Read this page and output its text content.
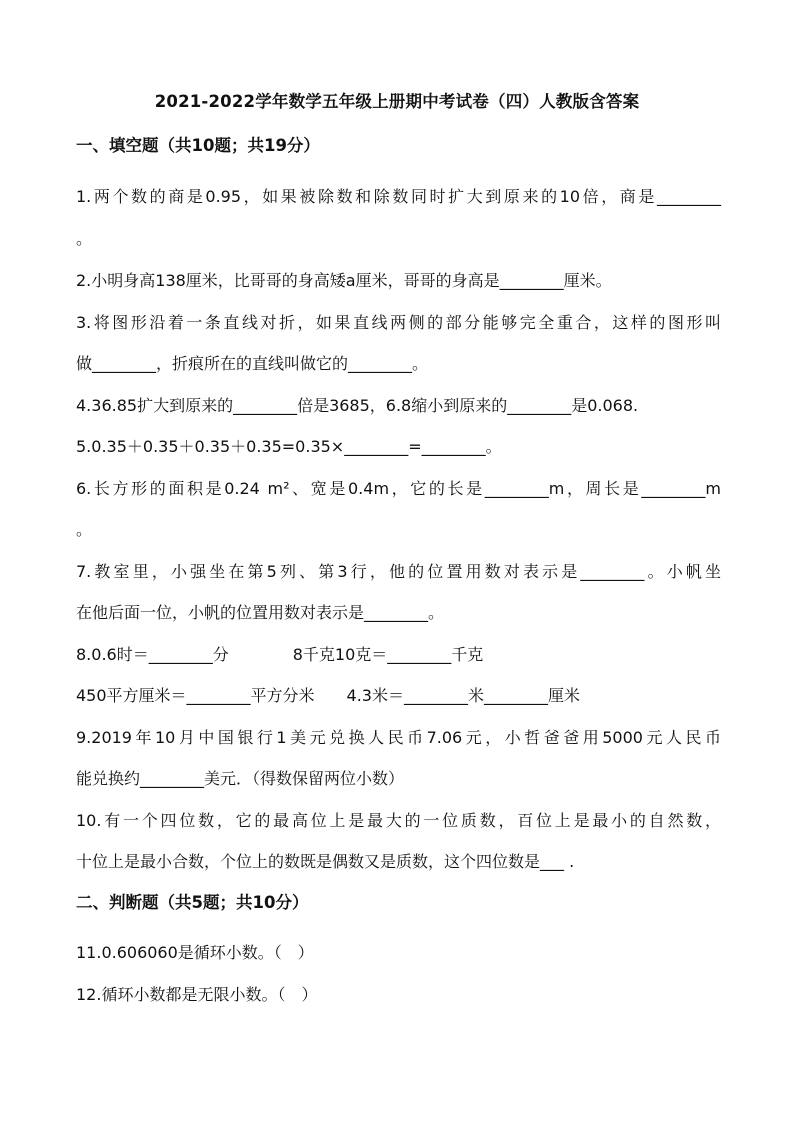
2021-2022学年数学五年级上册期中考试卷（四）人教版含答案
一、填空题（共10题；共19分）
1.两个数的商是0.95，如果被除数和除数同时扩大到原来的10倍，商是________
。
2.小明身高138厘米，比哥哥的身高矮a厘米，哥哥的身高是________厘米。
3.将图形沿着一条直线对折，如果直线两侧的部分能够完全重合，这样的图形叫
做________，折痕所在的直线叫做它的________。
4.36.85扩大到原来的________倍是3685，6.8缩小到原来的________是0.068.
5.0.35＋0.35＋0.35＋0.35=0.35×________=________。
6.长方形的面积是0.24 m²、宽是0.4m，它的长是________m，周长是________m
。
7.教室里，小强坐在第5列、第3行，他的位置用数对表示是________。小帆坐
在他后面一位，小帆的位置用数对表示是________。
8.0.6时＝________分　　　　8千克10克＝________千克
450平方厘米＝________平方分米　　4.3米＝________米________厘米
9.2019年10月中国银行1美元兑换人民币7.06元，小哲爸爸用5000元人民币
能兑换约________美元．（得数保留两位小数）
10.有一个四位数，它的最高位上是最大的一位质数，百位上是最小的自然数，
十位上是最小合数，个位上的数既是偶数又是质数，这个四位数是___ .
二、判断题（共5题；共10分）
11.0.606060是循环小数。（　）
12.循环小数都是无限小数。（　）
